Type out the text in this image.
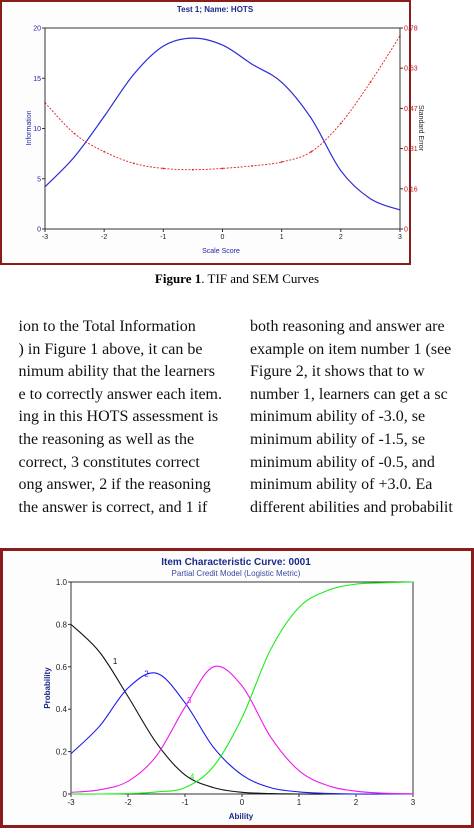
Test 1; Name: HOTS
Information	Standard Error
Scale Score
-3	-2	-1	0	1	2	3
0
5
10
15
20
0
0.16
0.31
0.47
0.63
0.78
Figure 1. TIF and SEM Curves
ion to the Total Information
) in Figure 1 above, it can be
nimum ability that the learners
e to correctly answer each item.
ing in this HOTS assessment is
the reasoning as well as the
correct, 3 constitutes correct
ong answer, 2 if the reasoning
the answer is correct, and 1 if
both reasoning and answer are
example on item number 1 (see
Figure 2, it shows that to w
number 1, learners can get a sc
minimum ability of -3.0, se
minimum ability of -1.5, se
minimum ability of -0.5, and
minimum ability of +3.0. Ea
different abilities and probabilit
Item Characteristic Curve: 0001
Partial Credit Model (Logistic Metric)
Probability
Ability
-3	-2	-1	0	1	2	3
0
0.2
0.4
0.6
0.8
1.0
1
2
3
4
